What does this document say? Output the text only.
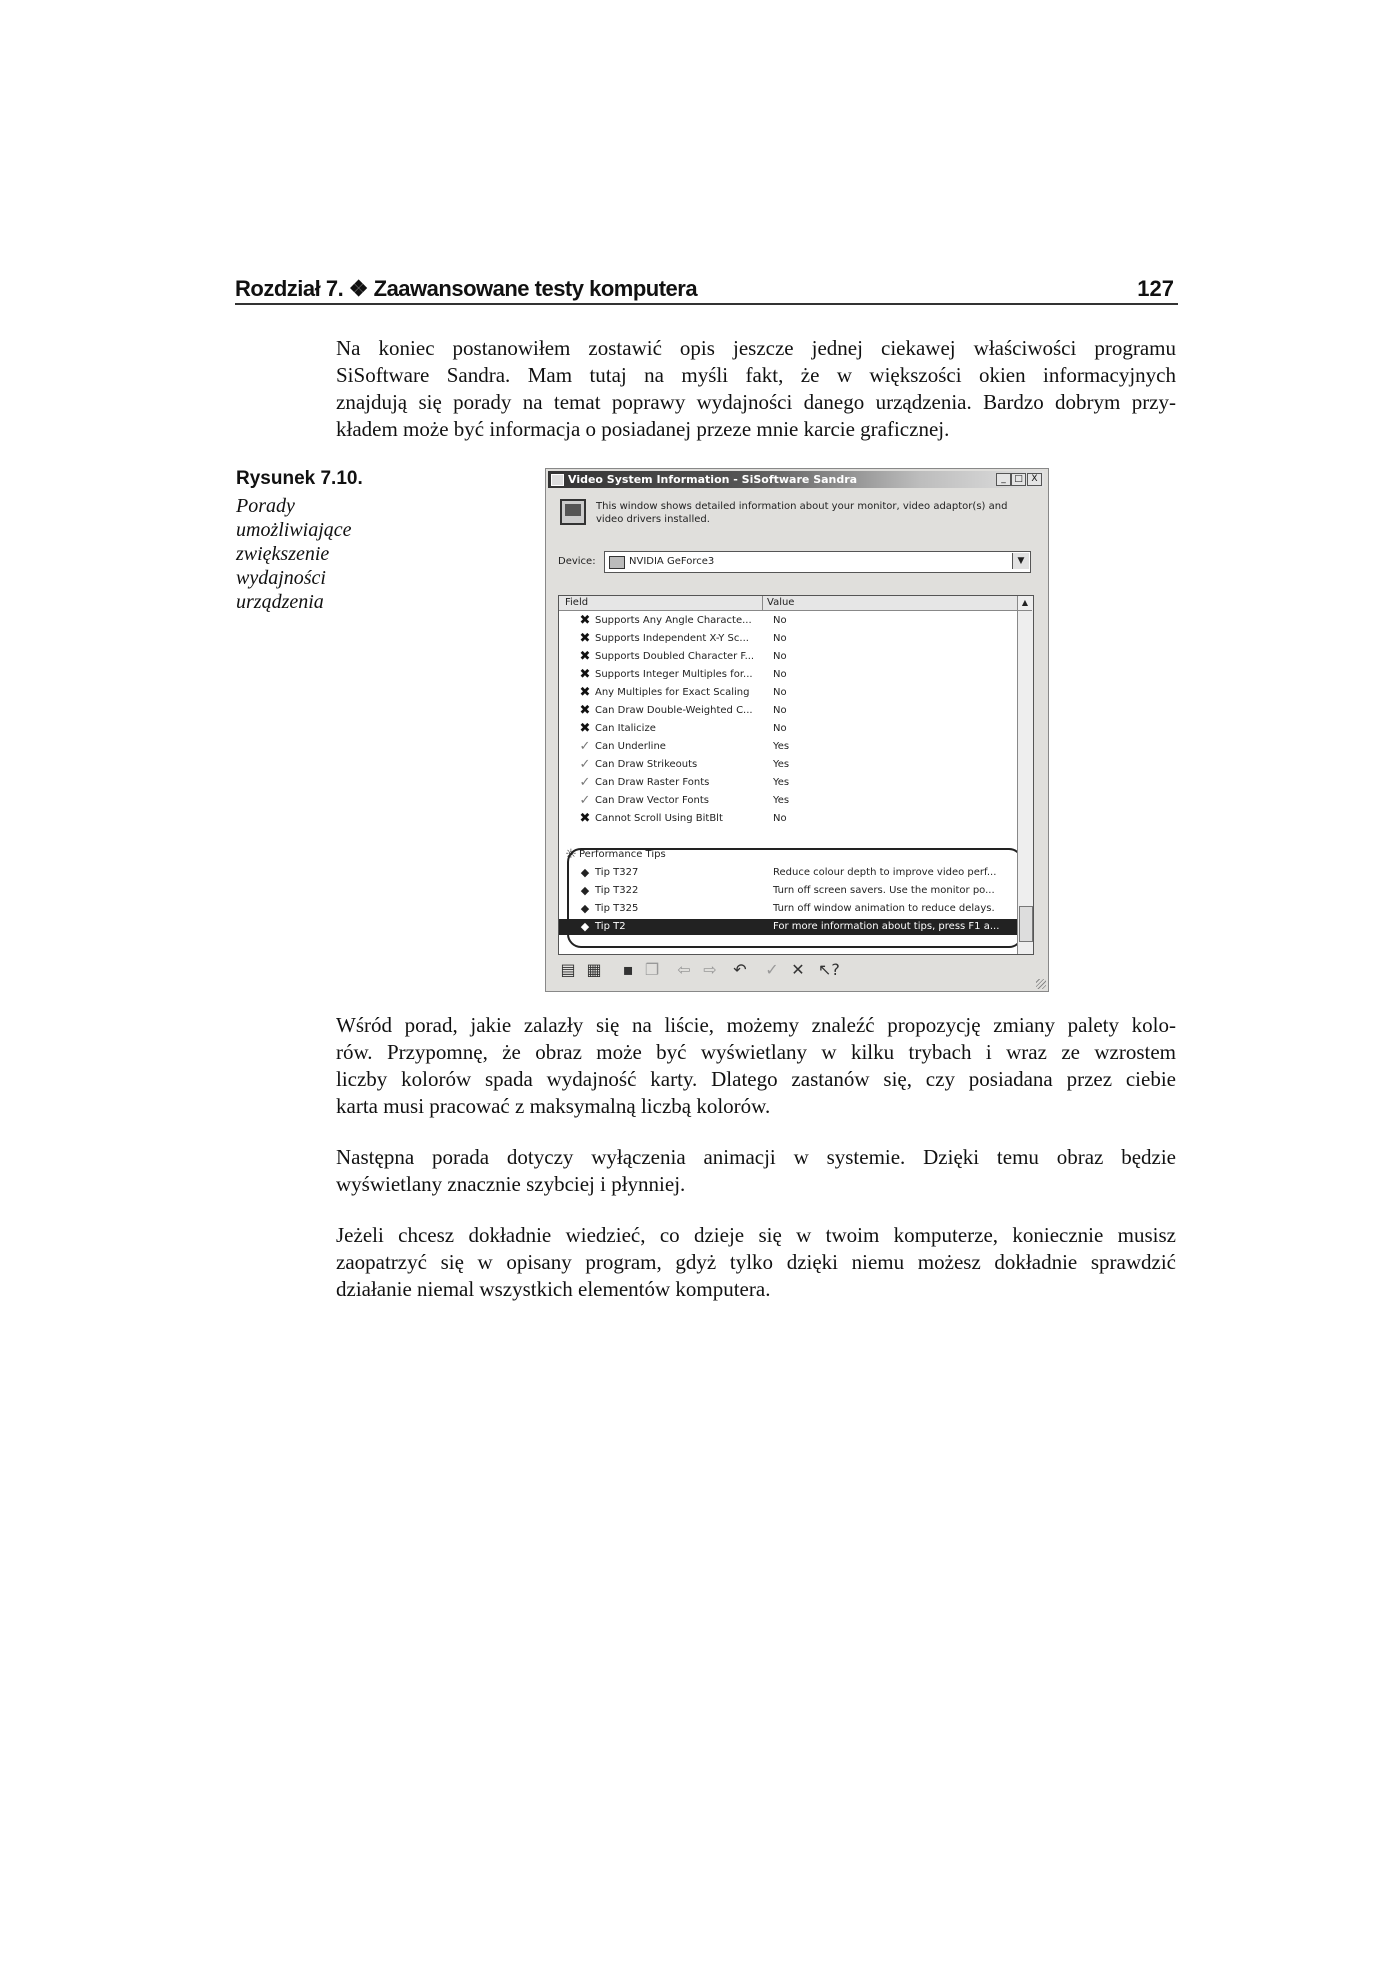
Rozdział 7. ❖ Zaawansowane testy komputera	127
Na koniec postanowiłem zostawić opis jeszcze jednej ciekawej właściwości programu
SiSoftware Sandra. Mam tutaj na myśli fakt, że w większości okien informacyjnych
znajdują się porady na temat poprawy wydajności danego urządzenia. Bardzo dobrym przy-
kładem może być informacja o posiadanej przeze mnie karcie graficznej.
Rysunek 7.10.
Porady
umożliwiające
zwiększenie
wydajności
urządzenia
Video System Information - SiSoftware Sandra	_ □ X
This window shows detailed information about your monitor, video adaptor(s) and video drivers installed.
Device:	NVIDIA GeForce3	▼
Field	Value
✖ Supports Any Angle Characte... No
✖ Supports Independent X-Y Sc... No
✖ Supports Doubled Character F... No
✖ Supports Integer Multiples for... No
✖ Any Multiples for Exact Scaling No
✖ Can Draw Double-Weighted C... No
✖ Can Italicize	No
✓ Can Underline	Yes
✓ Can Draw Strikeouts	Yes
✓ Can Draw Raster Fonts	Yes
✓ Can Draw Vector Fonts	Yes
✖ Cannot Scroll Using BitBlt	No
☼ Performance Tips
◆ Tip T327	Reduce colour depth to improve video perf...
◆ Tip T322	Turn off screen savers. Use the monitor po...
◆ Tip T325	Turn off window animation to reduce delays.
◆ Tip T2	For more information about tips, press F1 a...
▲
▤ ▦ ▪ ❐ ⇦ ⇨ ↶ ✓ ✕ ↖?
Wśród porad, jakie zalazły się na liście, możemy znaleźć propozycję zmiany palety kolo-
rów. Przypomnę, że obraz może być wyświetlany w kilku trybach i wraz ze wzrostem
liczby kolorów spada wydajność karty. Dlatego zastanów się, czy posiadana przez ciebie
karta musi pracować z maksymalną liczbą kolorów.
Następna porada dotyczy wyłączenia animacji w systemie. Dzięki temu obraz będzie
wyświetlany znacznie szybciej i płynniej.
Jeżeli chcesz dokładnie wiedzieć, co dzieje się w twoim komputerze, koniecznie musisz
zaopatrzyć się w opisany program, gdyż tylko dzięki niemu możesz dokładnie sprawdzić
działanie niemal wszystkich elementów komputera.
